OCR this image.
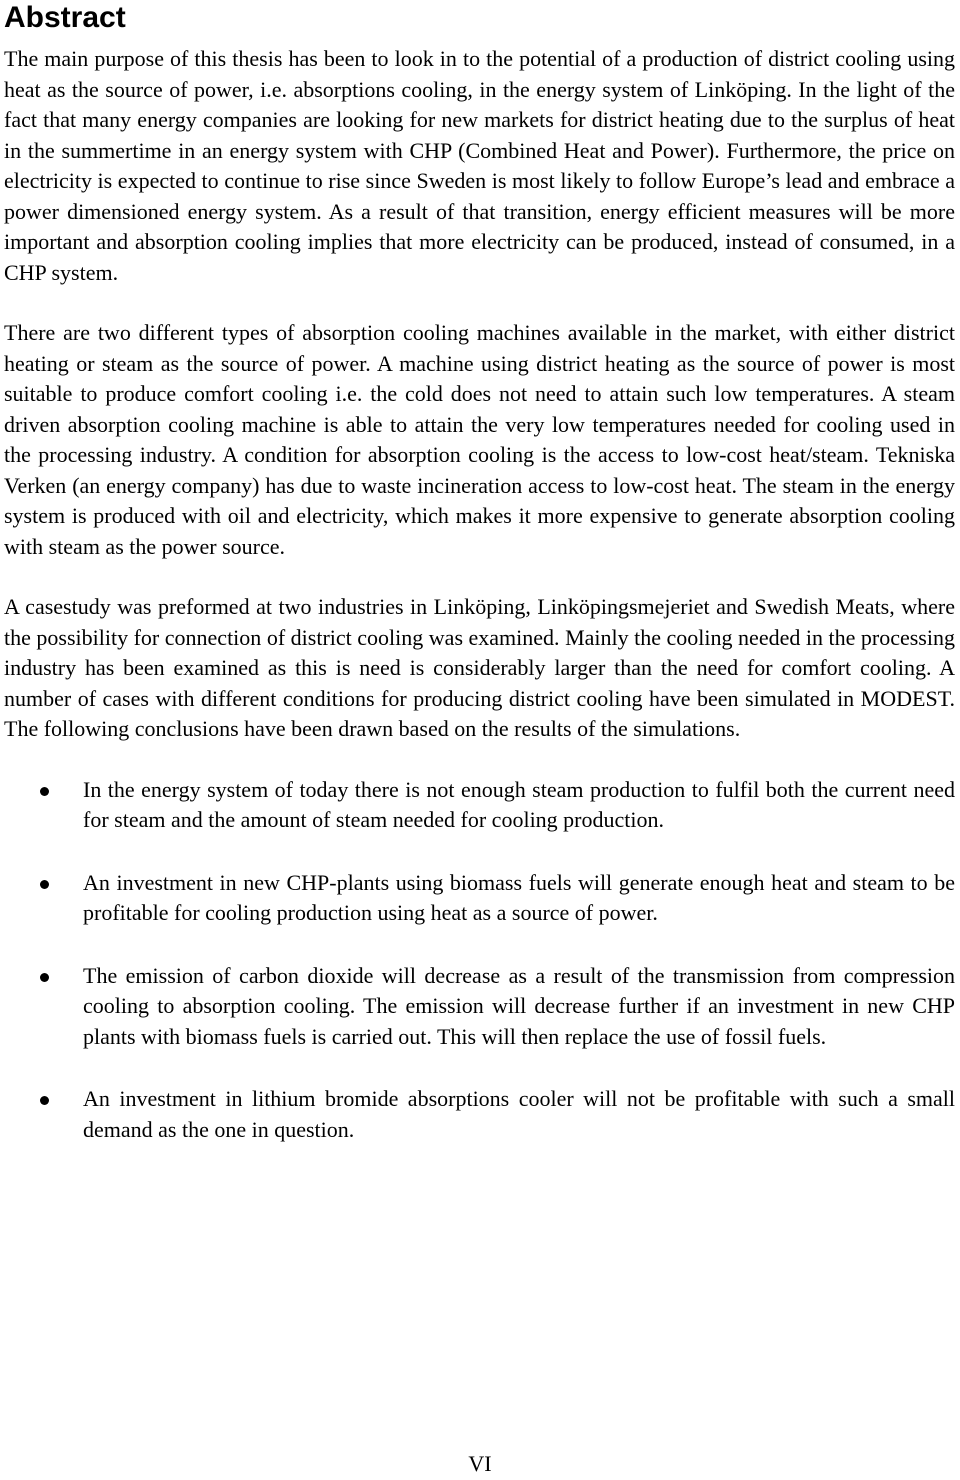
Abstract

The main purpose of this thesis has been to look in to the potential of a production of district cooling using heat as the source of power, i.e. absorptions cooling, in the energy system of Linköping. In the light of the fact that many energy companies are looking for new markets for district heating due to the surplus of heat in the summertime in an energy system with CHP (Combined Heat and Power). Furthermore, the price on electricity is expected to continue to rise since Sweden is most likely to follow Europe’s lead and embrace a power dimensioned energy system. As a result of that transition, energy efficient measures will be more important and absorption cooling implies that more electricity can be produced, instead of consumed, in a CHP system.

There are two different types of absorption cooling machines available in the market, with either district heating or steam as the source of power. A machine using district heating as the source of power is most suitable to produce comfort cooling i.e. the cold does not need to attain such low temperatures. A steam driven absorption cooling machine is able to attain the very low temperatures needed for cooling used in the processing industry. A condition for absorption cooling is the access to low-cost heat/steam. Tekniska Verken (an energy company) has due to waste incineration access to low-cost heat. The steam in the energy system is produced with oil and electricity, which makes it more expensive to generate absorption cooling with steam as the power source.

A casestudy was preformed at two industries in Linköping, Linköpingsmejeriet and Swedish Meats, where the possibility for connection of district cooling was examined. Mainly the cooling needed in the processing industry has been examined as this is need is considerably larger than the need for comfort cooling. A number of cases with different conditions for producing district cooling have been simulated in MODEST. The following conclusions have been drawn based on the results of the simulations.

In the energy system of today there is not enough steam production to fulfil both the current need for steam and the amount of steam needed for cooling production.
An investment in new CHP-plants using biomass fuels will generate enough heat and steam to be profitable for cooling production using heat as a source of power.
The emission of carbon dioxide will decrease as a result of the transmission from compression cooling to absorption cooling. The emission will decrease further if an investment in new CHP plants with biomass fuels is carried out. This will then replace the use of fossil fuels.
An investment in lithium bromide absorptions cooler will not be profitable with such a small demand as the one in question.
VI
